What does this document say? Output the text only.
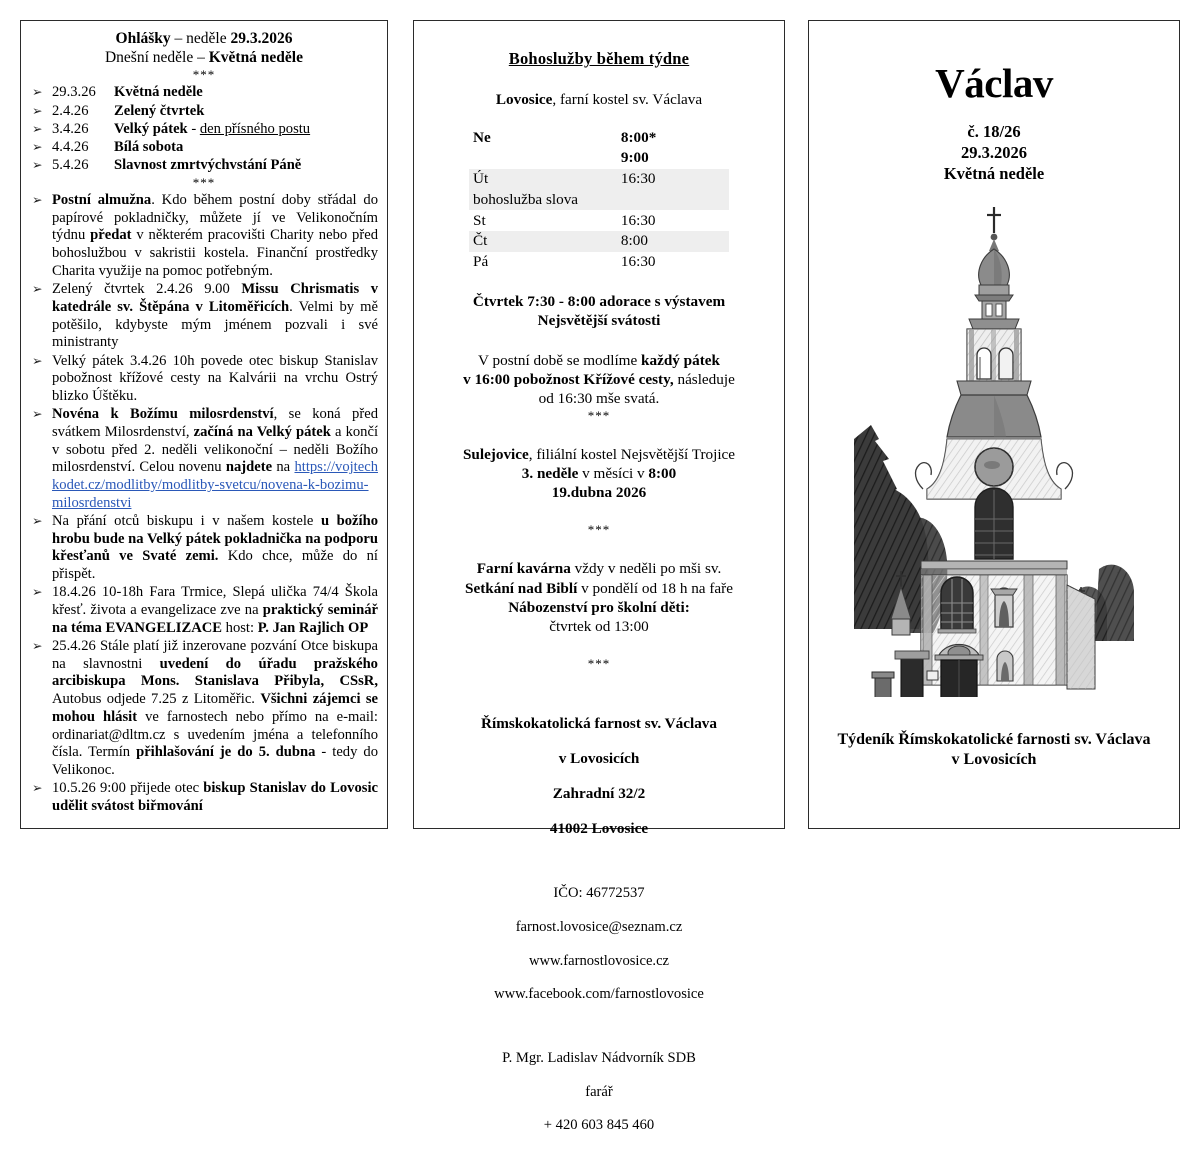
Ohlášky – neděle 29.3.2026

Dnešní neděle – Květná neděle

***
➢ 29.3.26 Květná neděle
➢ 2.4.26 Zelený čtvrtek
➢ 3.4.26 Velký pátek - den přísného postu
➢ 4.4.26 Bílá sobota
➢ 5.4.26 Slavnost zmrtvýchvstání Páně
***
➢ Postní almužna. Kdo během postní doby střádal do papírové pokladničky, můžete jí ve Velikonočním týdnu předat v některém pracovišti Charity nebo před bohoslužbou v sakristii kostela. Finanční prostředky Charita využije na pomoc potřebným.
➢ Zelený čtvrtek 2.4.26 9.00 Missu Chrismatis v katedrále sv. Štěpána v Litoměřicích. Velmi by mě potěšilo, kdybyste mým jménem pozvali i své ministranty
➢ Velký pátek 3.4.26 10h povede otec biskup Stanislav pobožnost křížové cesty na Kalvárii na vrchu Ostrý blizko Úštěku.
➢ Novéna k Božímu milosrdenství, se koná před svátkem Milosrdenství, začíná na Velký pátek a končí v sobotu před 2. neděli velikonoční – neděli Božího milosrdenství. Celou novenu najdete na https://vojtechkodet.cz/modlitby/modlitby-svetcu/novena-k-bozimu-milosrdenstvi
➢ Na přání otců biskupu i v našem kostele u božího hrobu bude na Velký pátek pokladnička na podporu křesťanů ve Svaté zemi. Kdo chce, může do ní přispět.
➢ 18.4.26 10-18h Fara Trmice, Slepá ulička 74/4 Škola křesť. života a evangelizace zve na praktický seminář na téma EVANGELIZACE host: P. Jan Rajlich OP
➢ 25.4.26 Stále platí již inzerovane pozvání Otce biskupa na slavnostni uvedení do úřadu pražského arcibiskupa Mons. Stanislava Přibyla, CSsR, Autobus odjede 7.25 z Litoměřic. Všichni zájemci se mohou hlásit ve farnostech nebo přímo na e-mail: ordinariat@dltm.cz s uvedením jména a telefonního čísla. Termín přihlašování je do 5. dubna - tedy do Velikonoc.
➢ 10.5.26 9:00 přijede otec biskup Stanislav do Lovosic udělit svátost biřmování
Bohoslužby během týdne
Lovosice, farní kostel sv. Václava
Ne	8:00*
	9:00
Út	16:30
bohoslužba slova	
St	16:30
Čt	8:00
Pá	16:30

Čtvrtek 7:30 - 8:00 adorace s výstavem

Nejsvětější svátosti

V postní době se modlíme každý pátek

v 16:00 pobožnost Křížové cesty, následuje

od 16:30 mše svatá.

***

Sulejovice, filiální kostel Nejsvětější Trojice

3. neděle v měsíci v 8:00

19.dubna 2026

***

Farní kavárna vždy v neděli po mši sv.

Setkání nad Biblí v pondělí od 18 h na faře

Nábozenství pro školní děti:

čtvrtek od 13:00

***

Římskokatolická farnost sv. Václava

v Lovosicích

Zahradní 32/2

41002 Lovosice

IČO: 46772537

farnost.lovosice@seznam.cz

www.farnostlovosice.cz

www.facebook.com/farnostlovosice

P. Mgr. Ladislav Nádvorník SDB

farář

+ 420 603 845 460

Václav
č. 18/26
29.3.2026
Květná neděle
Týdeník Římskokatolické farnosti sv. Václava
v Lovosicích
